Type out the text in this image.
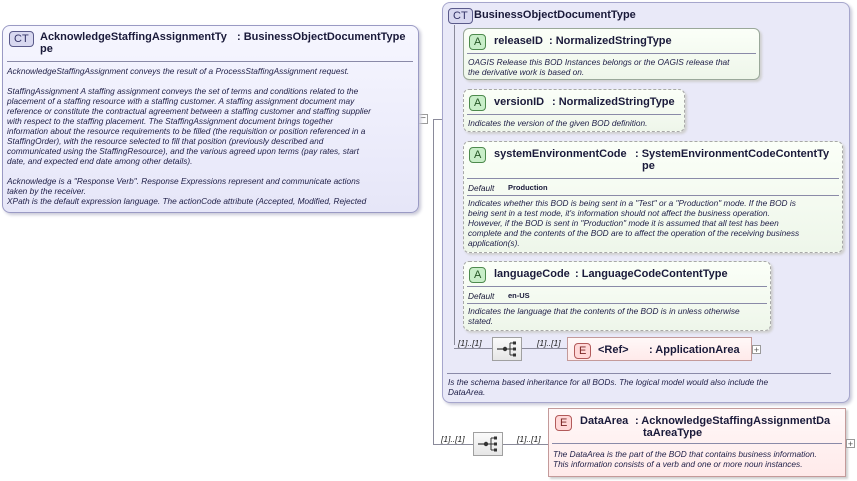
−
CT	AcknowledgeStaffingAssignmentTy
pe
: BusinessObjectDocumentType
AcknowledgeStaffingAssignment conveys the result of a ProcessStaffingAssignment request.

StaffingAssignment A staffing assignment conveys the set of terms and conditions related to the
placement of a staffing resource with a staffing customer. A staffing assignment document may
reference or constitute the contractual agreement between a staffing customer and staffing supplier
with respect to the staffing placement. The StaffingAssignment document brings together
information about the resource requirements to be filled (the requisition or position referenced in a
StaffingOrder), with the resource selected to fill that position (previously described and
communicated using the StaffingResource), and the various agreed upon terms (pay rates, start
date, and expected end date among other details).

Acknowledge is a "Response Verb". Response Expressions represent and communicate actions
taken by the receiver.
XPath is the default expression language. The actionCode attribute (Accepted, Modified, Rejected
CT BusinessObjectDocumentType
A	releaseID : NormalizedStringType
OAGIS Release this BOD Instances belongs or the OAGIS release that
the derivative work is based on.
A	versionID : NormalizedStringType
Indicates the version of the given BOD definition.
A	systemEnvironmentCode : SystemEnvironmentCodeContentTy
pe
Default Production
Indicates whether this BOD is being sent in a "Test" or a "Production" mode. If the BOD is
being sent in a test mode, it's information should not affect the business operation.
However, if the BOD is sent in "Production" mode it is assumed that all test has been
complete and the contents of the BOD are to affect the operation of the receiving business
application(s).
A	languageCode : LanguageCodeContentType
Default en-US
Indicates the language that the contents of the BOD is in unless otherwise
stated.
[1]..[1]	[1]..[1]
E	<Ref> : ApplicationArea +
Is the schema based inheritance for all BODs. The logical model would also include the
DataArea.
[1]..[1]	[1]..[1]
E	DataArea : AcknowledgeStaffingAssignmentDa
taAreaType
The DataArea is the part of the BOD that contains business information.
This information consists of a verb and one or more noun instances.
+
